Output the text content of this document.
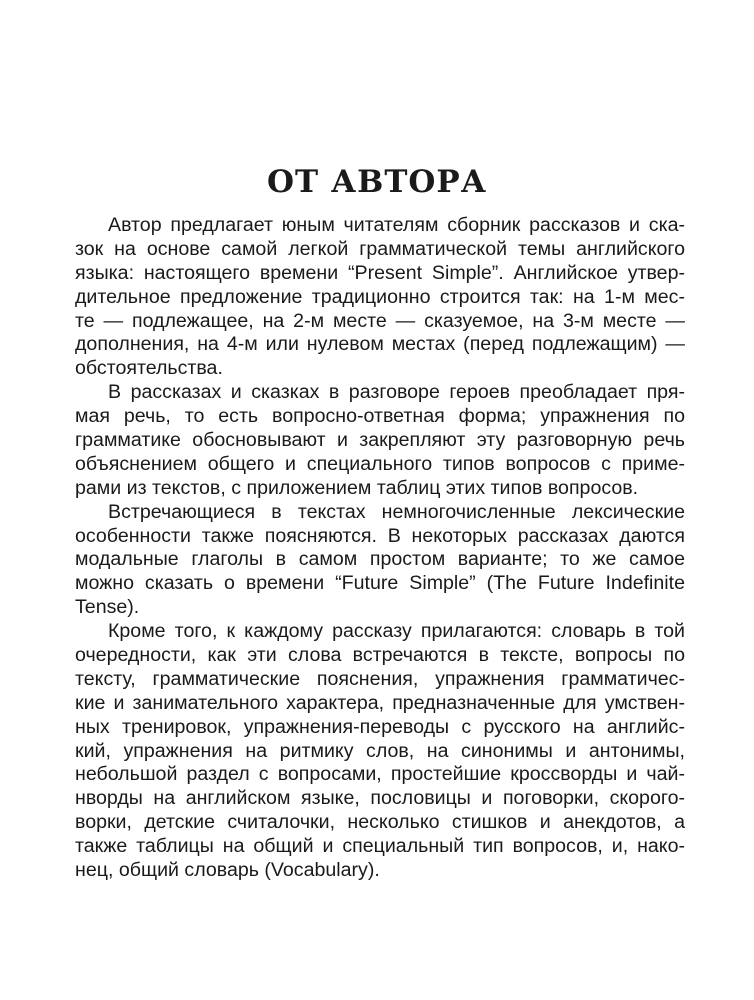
ОТ АВТОРА
Автор предлагает юным читателям сборник рассказов и ска-
зок на основе самой легкой грамматической темы английского
языка: настоящего времени “Present Simple”. Английское утвер-
дительное предложение традиционно строится так: на 1-м мес-
те — подлежащее, на 2-м месте — сказуемое, на 3-м месте —
дополнения, на 4-м или нулевом местах (перед подлежащим) —
обстоятельства.
В рассказах и сказках в разговоре героев преобладает пря-
мая речь, то есть вопросно-ответная форма; упражнения по
грамматике обосновывают и закрепляют эту разговорную речь
объяснением общего и специального типов вопросов с приме-
рами из текстов, с приложением таблиц этих типов вопросов.
Встречающиеся в текстах немногочисленные лексические
особенности также поясняются. В некоторых рассказах даются
модальные глаголы в самом простом варианте; то же самое
можно сказать о времени “Future Simple” (The Future Indefinite
Tense).
Кроме того, к каждому рассказу прилагаются: словарь в той
очередности, как эти слова встречаются в тексте, вопросы по
тексту, грамматические пояснения, упражнения грамматичес-
кие и занимательного характера, предназначенные для умствен-
ных тренировок, упражнения-переводы с русского на английс-
кий, упражнения на ритмику слов, на синонимы и антонимы,
небольшой раздел с вопросами, простейшие кроссворды и чай-
нворды на английском языке, пословицы и поговорки, скорого-
ворки, детские считалочки, несколько стишков и анекдотов, а
также таблицы на общий и специальный тип вопросов, и, нако-
нец, общий словарь (Vocabulary).
